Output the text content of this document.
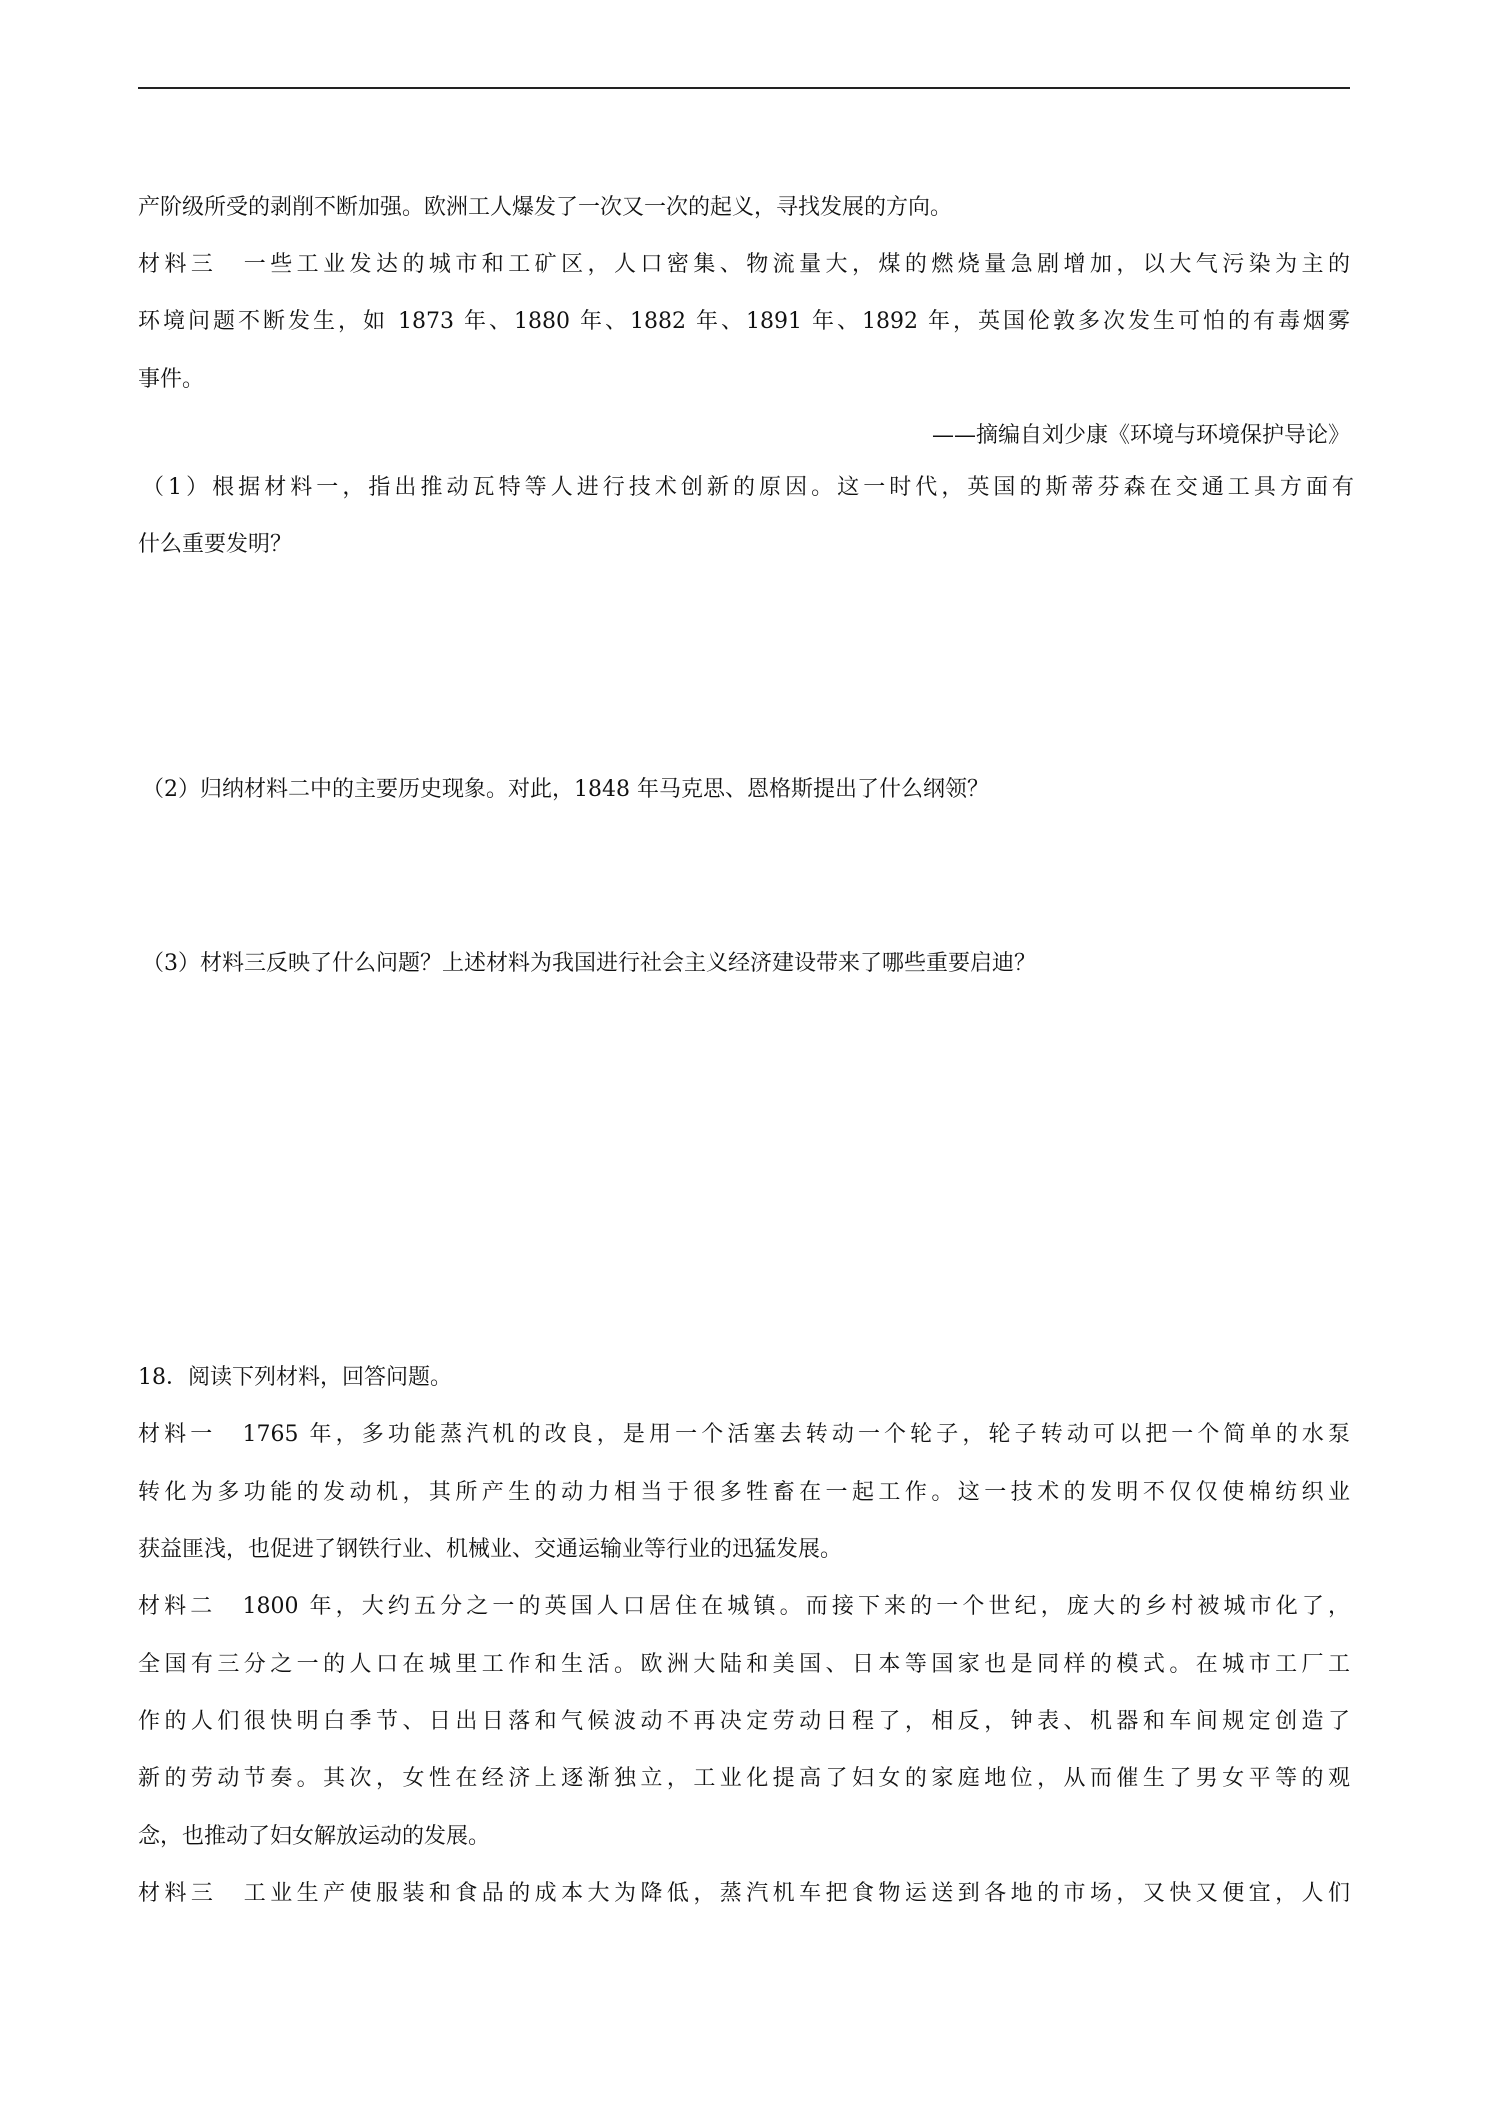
产阶级所受的剥削不断加强。欧洲工人爆发了一次又一次的起义，寻找发展的方向。
材料三　一些工业发达的城市和工矿区，人口密集、物流量大，煤的燃烧量急剧增加，以大气污染为主的
环境问题不断发生，如 1873 年、1880 年、1882 年、1891 年、1892 年，英国伦敦多次发生可怕的有毒烟雾
事件。
——摘编自刘少康《环境与环境保护导论》
（1）根据材料一，指出推动瓦特等人进行技术创新的原因。这一时代，英国的斯蒂芬森在交通工具方面有
什么重要发明？
（2）归纳材料二中的主要历史现象。对此，1848 年马克思、恩格斯提出了什么纲领？
（3）材料三反映了什么问题？上述材料为我国进行社会主义经济建设带来了哪些重要启迪？
18．阅读下列材料，回答问题。
材料一　1765 年，多功能蒸汽机的改良，是用一个活塞去转动一个轮子，轮子转动可以把一个简单的水泵
转化为多功能的发动机，其所产生的动力相当于很多牲畜在一起工作。这一技术的发明不仅仅使棉纺织业
获益匪浅，也促进了钢铁行业、机械业、交通运输业等行业的迅猛发展。
材料二　1800 年，大约五分之一的英国人口居住在城镇。而接下来的一个世纪，庞大的乡村被城市化了，
全国有三分之一的人口在城里工作和生活。欧洲大陆和美国、日本等国家也是同样的模式。在城市工厂工
作的人们很快明白季节、日出日落和气候波动不再决定劳动日程了，相反，钟表、机器和车间规定创造了
新的劳动节奏。其次，女性在经济上逐渐独立，工业化提高了妇女的家庭地位，从而催生了男女平等的观
念，也推动了妇女解放运动的发展。
材料三　工业生产使服装和食品的成本大为降低，蒸汽机车把食物运送到各地的市场，又快又便宜，人们
